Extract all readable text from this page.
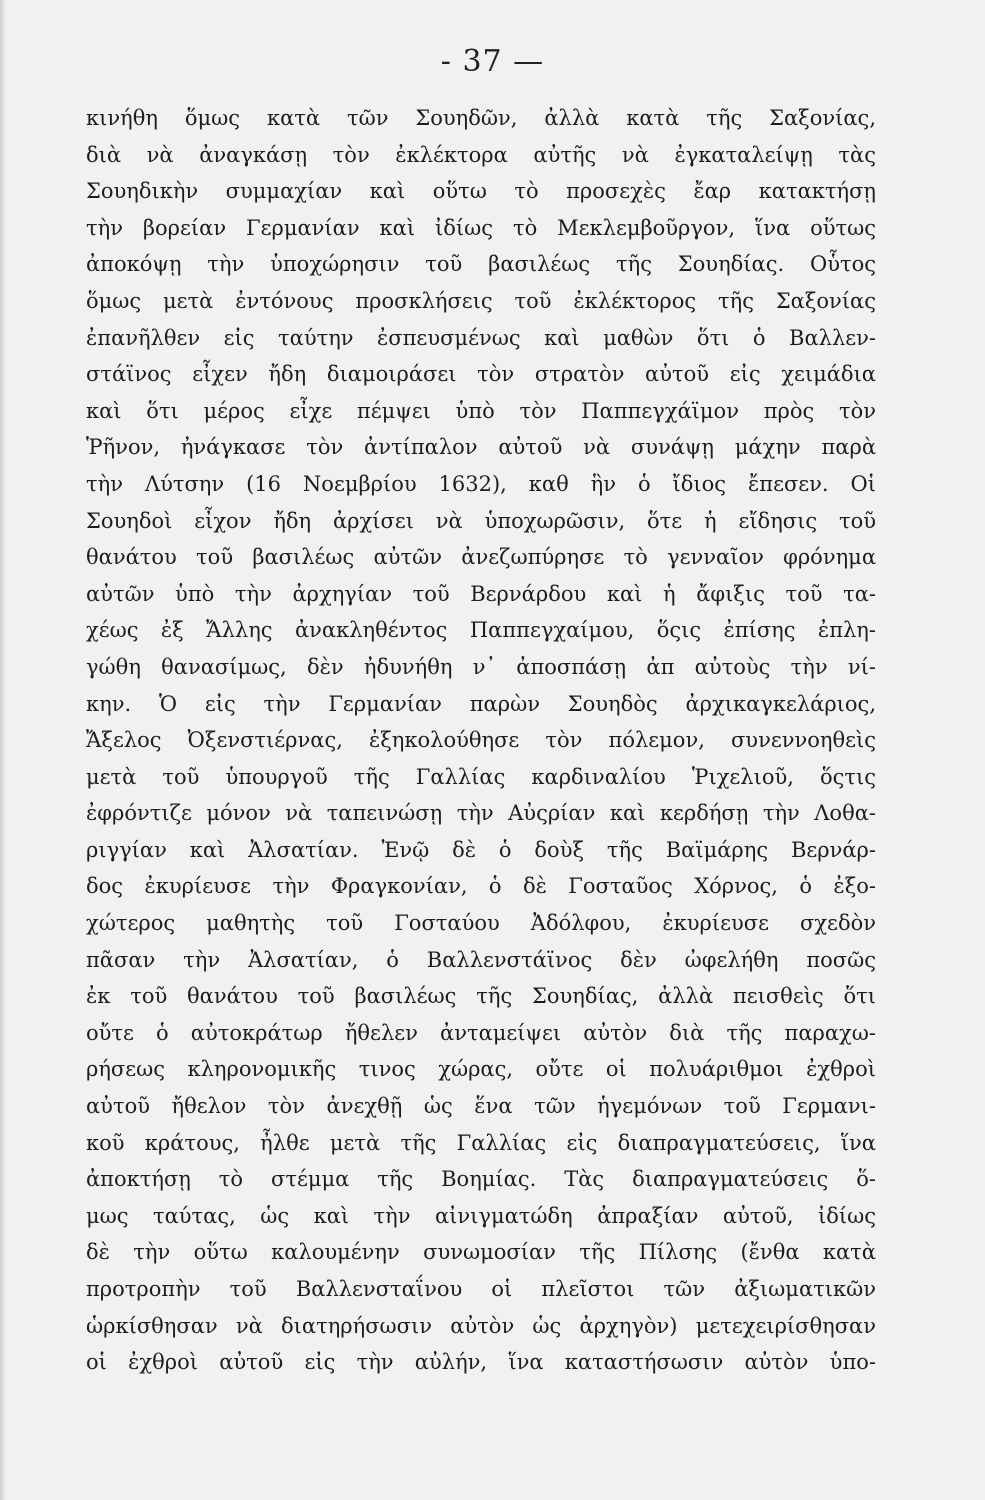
- 37 —
κινήθη ὅμως κατὰ τῶν Σουηδῶν, ἀλλὰ κατὰ τῆς Σαξονίας,
διὰ νὰ ἀναγκάσῃ τὸν ἐκλέκτορα αὐτῆς νὰ ἐγκαταλείψῃ τὰς
Σουηδικὴν συμμαχίαν καὶ οὕτω τὸ προσεχὲς ἔαρ κατακτήσῃ
τὴν βορείαν Γερμανίαν καὶ ἰδίως τὸ Μεκλεμβοῦργον, ἵνα οὕτως
ἀποκόψῃ τὴν ὑποχώρησιν τοῦ βασιλέως τῆς Σουηδίας. Οὗτος
ὅμως μετὰ ἐντόνους προσκλήσεις τοῦ ἐκλέκτορος τῆς Σαξονίας
ἐπανῆλθεν εἰς ταύτην ἐσπευσμένως καὶ μαθὼν ὅτι ὁ Βαλλεν-
στάϊνος εἶχεν ἤδη διαμοιράσει τὸν στρατὸν αὐτοῦ εἰς χειμάδια
καὶ ὅτι μέρος εἶχε πέμψει ὑπὸ τὸν Παππεγχάϊμον πρὸς τὸν
Ῥῆνον, ἠνάγκασε τὸν ἀντίπαλον αὐτοῦ νὰ συνάψῃ μάχην παρὰ
τὴν Λύτσην (16 Νοεμβρίου 1632), καθ ἣν ὁ ἴδιος ἔπεσεν. Οἱ
Σουηδοὶ εἶχον ἤδη ἀρχίσει νὰ ὑποχωρῶσιν, ὅτε ἡ εἴδησις τοῦ
θανάτου τοῦ βασιλέως αὐτῶν ἀνεζωπύρησε τὸ γενναῖον φρόνημα
αὐτῶν ὑπὸ τὴν ἀρχηγίαν τοῦ Βερνάρδου καὶ ἡ ἄφιξις τοῦ τα-
χέως ἐξ Ἄλλης ἀνακληθέντος Παππεγχαίμου, ὅςις ἐπίσης ἐπλη-
γώθη θανασίμως, δὲν ἠδυνήθη ν᾿ ἀποσπάσῃ ἀπ αὐτοὺς τὴν νί-
κην. Ὁ εἰς τὴν Γερμανίαν παρὼν Σουηδὸς ἀρχικαγκελάριος,
Ἄξελος Ὀξενστιέρνας, ἐξηκολούθησε τὸν πόλεμον, συνεννοηθεὶς
μετὰ τοῦ ὑπουργοῦ τῆς Γαλλίας καρδιναλίου Ῥιχελιοῦ, ὅςτις
ἐφρόντιζε μόνον νὰ ταπεινώσῃ τὴν Αὐςρίαν καὶ κερδήσῃ τὴν Λοθα-
ριγγίαν καὶ Ἀλσατίαν. Ἐνῷ δὲ ὁ δοὺξ τῆς Βαϊμάρης Βερνάρ-
δος ἐκυρίευσε τὴν Φραγκονίαν, ὁ δὲ Γοσταῦος Χόρνος, ὁ ἐξο-
χώτερος μαθητὴς τοῦ Γοσταύου Ἀδόλφου, ἐκυρίευσε σχεδὸν
πᾶσαν τὴν Ἀλσατίαν, ὁ Βαλλενστάϊνος δὲν ὠφελήθη ποσῶς
ἐκ τοῦ θανάτου τοῦ βασιλέως τῆς Σουηδίας, ἀλλὰ πεισθεὶς ὅτι
οὔτε ὁ αὐτοκράτωρ ἤθελεν ἀνταμείψει αὐτὸν διὰ τῆς παραχω-
ρήσεως κληρονομικῆς τινος χώρας, οὔτε οἱ πολυάριθμοι ἐχθροὶ
αὐτοῦ ἤθελον τὸν ἀνεχθῇ ὡς ἕνα τῶν ἡγεμόνων τοῦ Γερμανι-
κοῦ κράτους, ἦλθε μετὰ τῆς Γαλλίας εἰς διαπραγματεύσεις, ἵνα
ἀποκτήσῃ τὸ στέμμα τῆς Βοημίας. Τὰς διαπραγματεύσεις ὅ-
μως ταύτας, ὡς καὶ τὴν αἰνιγματώδη ἀπραξίαν αὐτοῦ, ἰδίως
δὲ τὴν οὕτω καλουμένην συνωμοσίαν τῆς Πίλσης (ἔνθα κατὰ
προτροπὴν τοῦ Βαλλενσταΐνου οἱ πλεῖστοι τῶν ἀξιωματικῶν
ὡρκίσθησαν νὰ διατηρήσωσιν αὐτὸν ὡς ἀρχηγὸν) μετεχειρίσθησαν
οἱ ἐχθροὶ αὐτοῦ εἰς τὴν αὐλήν, ἵνα καταστήσωσιν αὐτὸν ὑπο-
